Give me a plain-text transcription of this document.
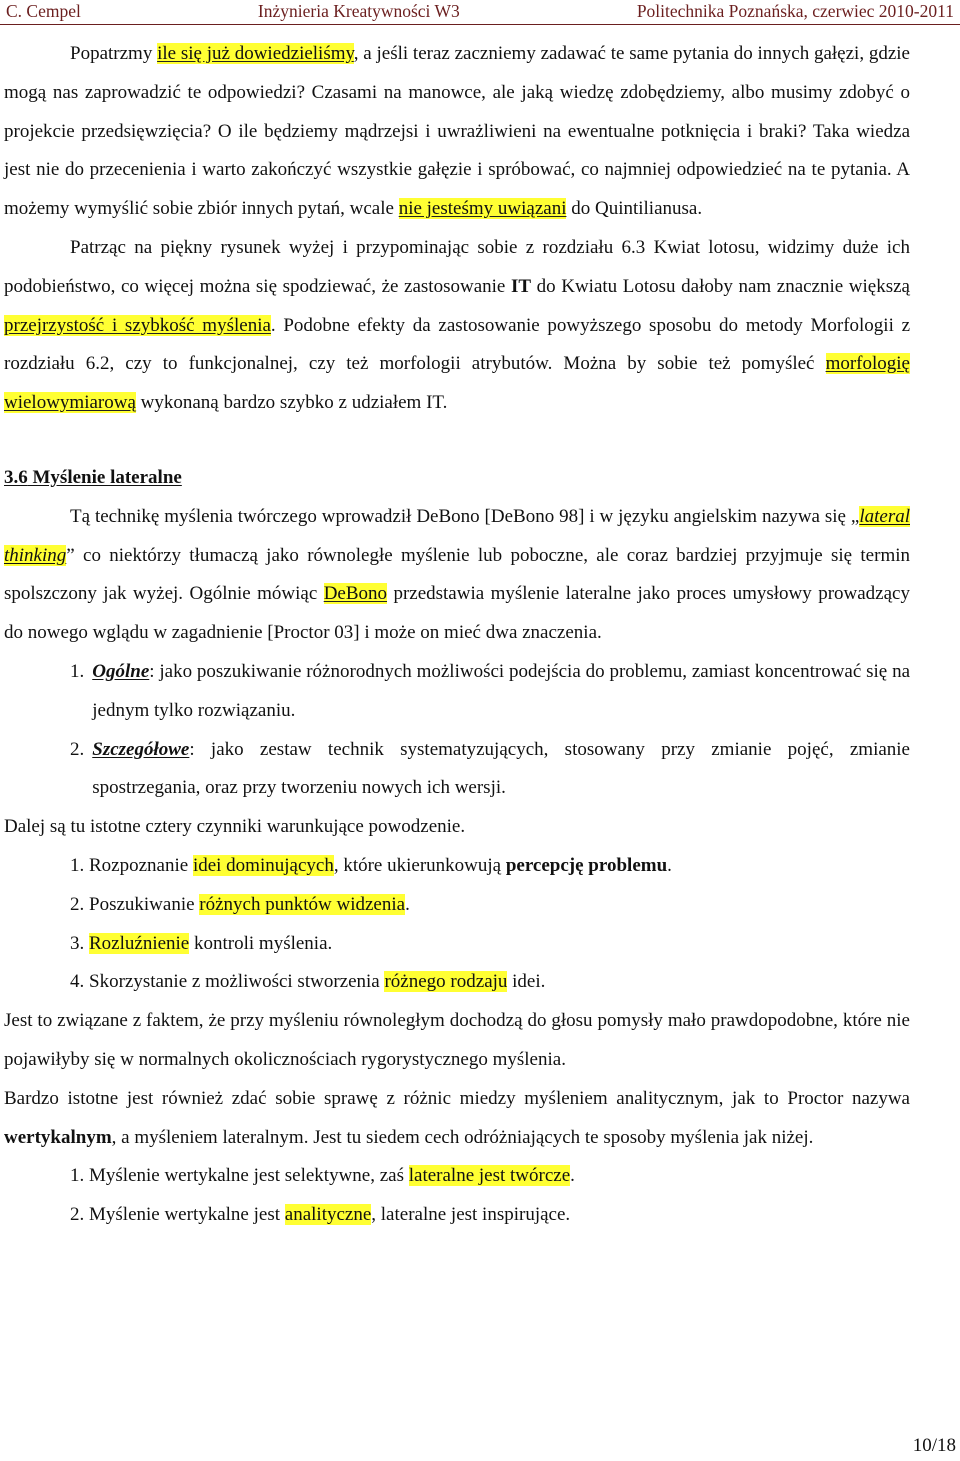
C. Cempel	Inżynieria Kreatywności W3	Politechnika Poznańska, czerwiec 2010-2011

Popatrzmy ile się już dowiedzieliśmy, a jeśli teraz zaczniemy zadawać te same pytania do innych gałęzi, gdzie mogą nas zaprowadzić te odpowiedzi? Czasami na manowce, ale jaką wiedzę zdobędziemy, albo musimy zdobyć o projekcie przedsięwzięcia? O ile będziemy mądrzejsi i uwrażliwieni na ewentualne potknięcia i braki? Taka wiedza jest nie do przecenienia i warto zakończyć wszystkie gałęzie i spróbować, co najmniej odpowiedzieć na te pytania. A możemy wymyślić sobie zbiór innych pytań, wcale nie jesteśmy uwiązani do Quintilianusa.

Patrząc na piękny rysunek wyżej i przypominając sobie z rozdziału 6.3 Kwiat lotosu, widzimy duże ich podobieństwo, co więcej można się spodziewać, że zastosowanie IT do Kwiatu Lotosu dałoby nam znacznie większą przejrzystość i szybkość myślenia. Podobne efekty da zastosowanie powyższego sposobu do metody Morfologii z rozdziału 6.2, czy to funkcjonalnej, czy też morfologii atrybutów. Można by sobie też pomyśleć morfologię wielowymiarową wykonaną bardzo szybko z udziałem IT.

3.6 Myślenie lateralne

Tą technikę myślenia twórczego wprowadził DeBono [DeBono 98] i w języku angielskim nazywa się „lateral thinking” co niektórzy tłumaczą jako równoległe myślenie lub poboczne, ale coraz bardziej przyjmuje się termin spolszczony jak wyżej. Ogólnie mówiąc DeBono przedstawia myślenie lateralne jako proces umysłowy prowadzący do nowego wglądu w zagadnienie [Proctor 03] i może on mieć dwa znaczenia.

1. Ogólne: jako poszukiwanie różnorodnych możliwości podejścia do problemu, zamiast koncentrować się na jednym tylko rozwiązaniu.
2. Szczegółowe: jako zestaw technik systematyzujących, stosowany przy zmianie pojęć, zmianie spostrzegania, oraz przy tworzeniu nowych ich wersji.

Dalej są tu istotne cztery czynniki warunkujące powodzenie.

1. Rozpoznanie idei dominujących, które ukierunkowują percepcję problemu.
2. Poszukiwanie różnych punktów widzenia.
3. Rozluźnienie kontroli myślenia.
4. Skorzystanie z możliwości stworzenia różnego rodzaju idei.

Jest to związane z faktem, że przy myśleniu równoległym dochodzą do głosu pomysły mało prawdopodobne, które nie pojawiłyby się w normalnych okolicznościach rygorystycznego myślenia.

Bardzo istotne jest również zdać sobie sprawę z różnic miedzy myśleniem analitycznym, jak to Proctor nazywa wertykalnym, a myśleniem lateralnym. Jest tu siedem cech odróżniających te sposoby myślenia jak niżej.

1. Myślenie wertykalne jest selektywne, zaś lateralne jest twórcze.
2. Myślenie wertykalne jest analityczne, lateralne jest inspirujące.
10/18
